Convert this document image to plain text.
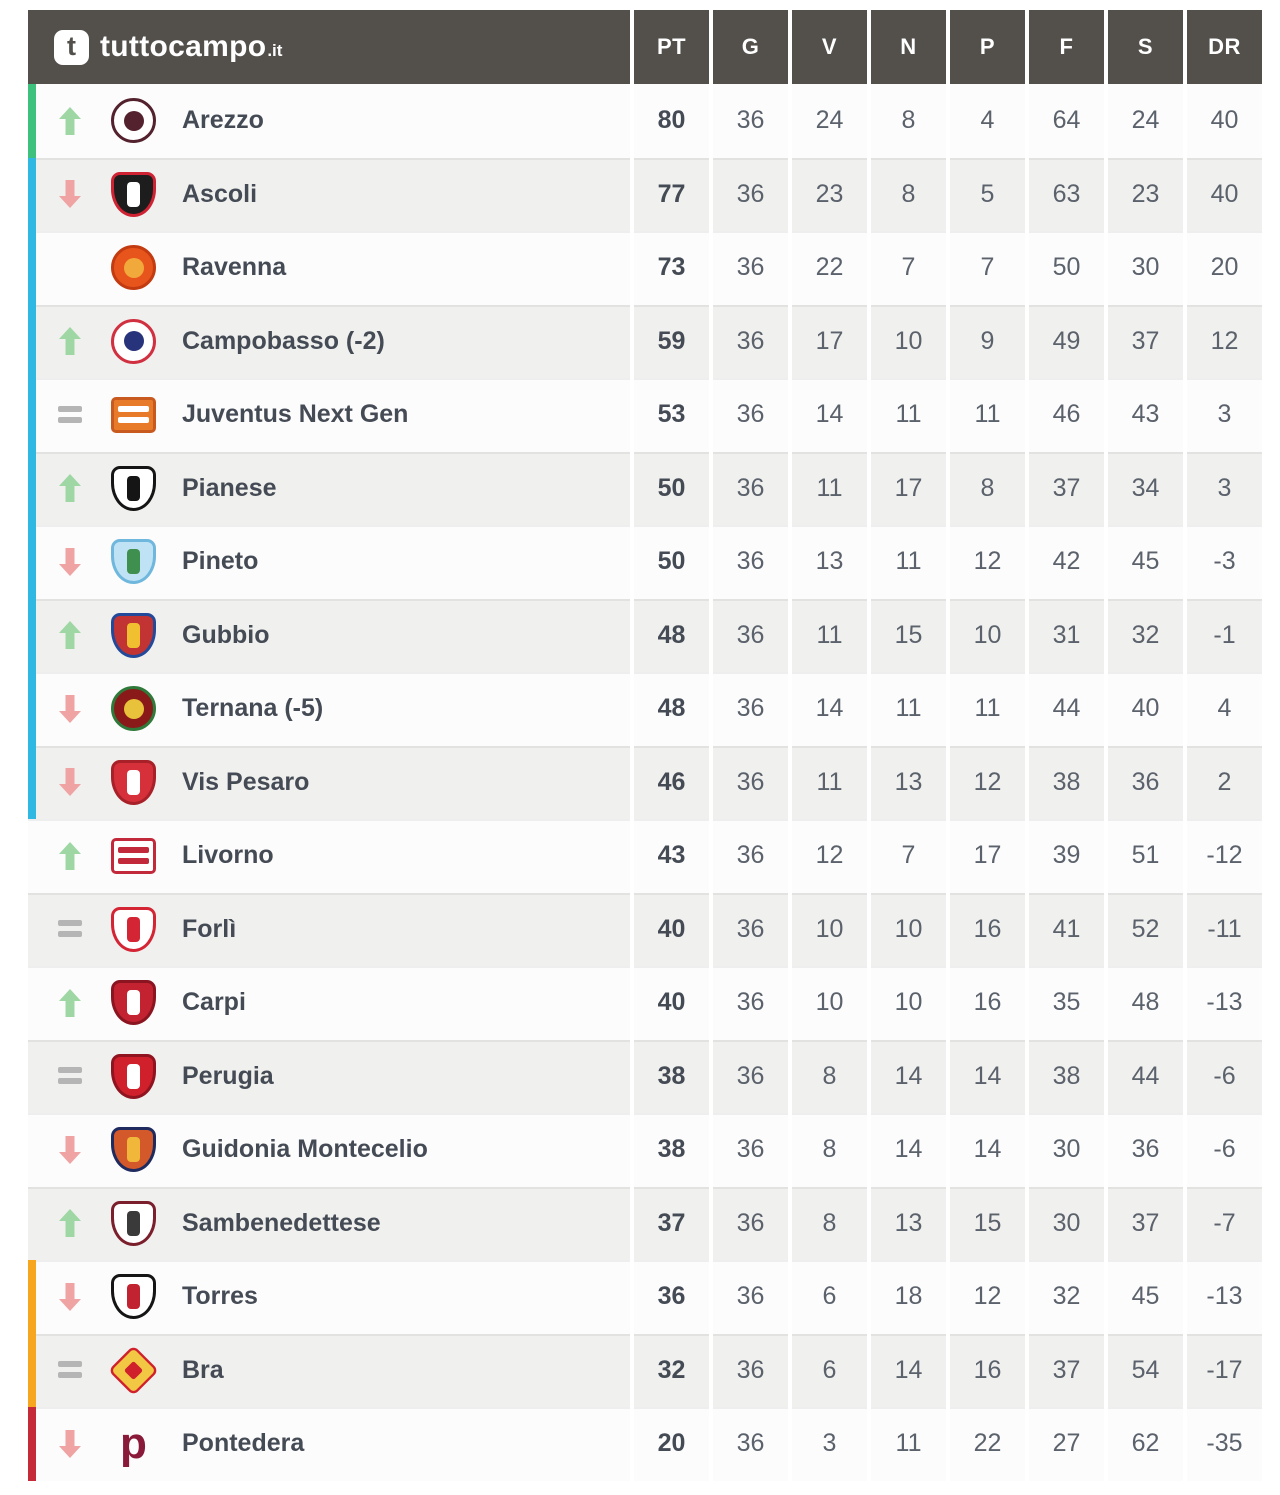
t tuttocampo .it	PT	G	V	N	P	F	S	DR
Arezzo	80	36	24	8	4	64	24	40
Ascoli	77	36	23	8	5	63	23	40
Ravenna	73	36	22	7	7	50	30	20
Campobasso (-2)	59	36	17	10	9	49	37	12
Juventus Next Gen	53	36	14	11	11	46	43	3
Pianese	50	36	11	17	8	37	34	3
Pineto	50	36	13	11	12	42	45	-3
Gubbio	48	36	11	15	10	31	32	-1
Ternana (-5)	48	36	14	11	11	44	40	4
Vis Pesaro	46	36	11	13	12	38	36	2
Livorno	43	36	12	7	17	39	51	-12
Forlì	40	36	10	10	16	41	52	-11
Carpi	40	36	10	10	16	35	48	-13
Perugia	38	36	8	14	14	38	44	-6
Guidonia Montecelio	38	36	8	14	14	30	36	-6
Sambenedettese	37	36	8	13	15	30	37	-7
Torres	36	36	6	18	12	32	45	-13
Bra	32	36	6	14	16	37	54	-17
p	Pontedera	20	36	3	11	22	27	62	-35
